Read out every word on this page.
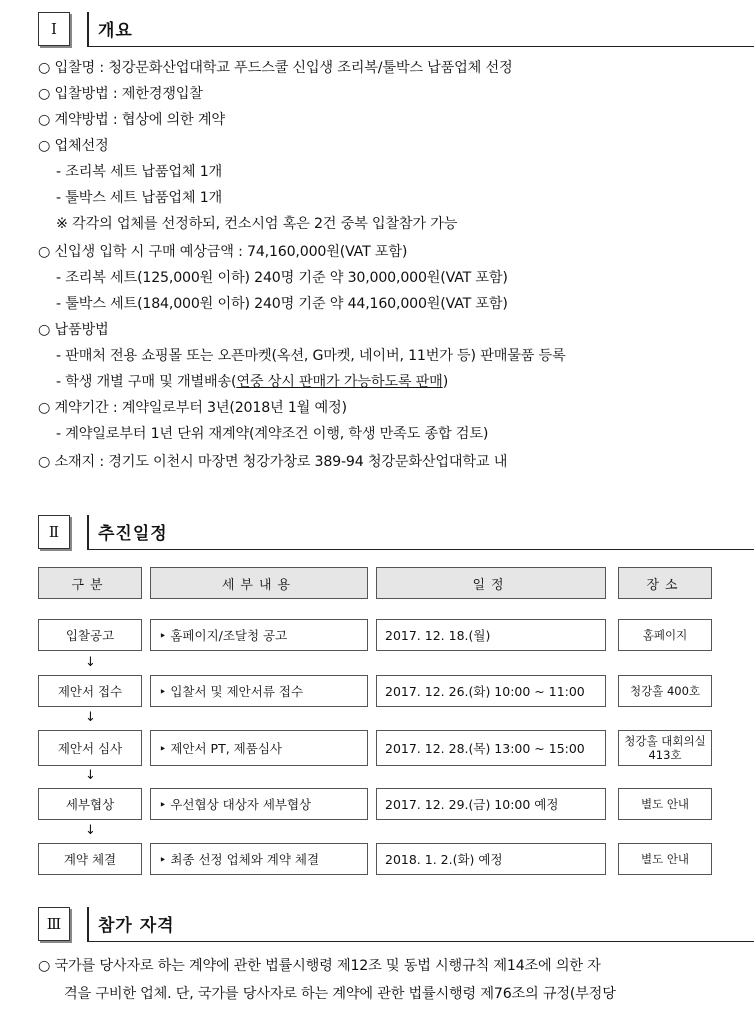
Ⅰ	개요
○ 입찰명 : 청강문화산업대학교 푸드스쿨 신입생 조리복/툴박스 납품업체 선정
○ 입찰방법 : 제한경쟁입찰
○ 계약방법 : 협상에 의한 계약
○ 업체선정
- 조리복 세트 납품업체 1개
- 툴박스 세트 납품업체 1개
※ 각각의 업체를 선정하되, 컨소시엄 혹은 2건 중복 입찰참가 가능
○ 신입생 입학 시 구매 예상금액 : 74,160,000원(VAT 포함)
- 조리복 세트(125,000원 이하) 240명 기준 약 30,000,000원(VAT 포함)
- 툴박스 세트(184,000원 이하) 240명 기준 약 44,160,000원(VAT 포함)
○ 납품방법
- 판매처 전용 쇼핑몰 또는 오픈마켓(옥션, G마켓, 네이버, 11번가 등) 판매물품 등록
- 학생 개별 구매 및 개별배송(연중 상시 판매가 가능하도록 판매)
○ 계약기간 : 계약일로부터 3년(2018년 1월 예정)
- 계약일로부터 1년 단위 재계약(계약조건 이행, 학생 만족도 종합 검토)
○ 소재지 : 경기도 이천시 마장면 청강가창로 389-94 청강문화산업대학교 내
Ⅱ	추진일정
구분	세부내용	일정	장소
입찰공고	‣ 홈페이지/조달청 공고	2017. 12. 18.(월)	홈페이지
↓
제안서 접수	‣ 입찰서 및 제안서류 접수	2017. 12. 26.(화) 10:00 ~ 11:00	청강홀 400호
↓
제안서 심사	‣ 제안서 PT, 제품심사	2017. 12. 28.(목) 13:00 ~ 15:00	청강홀 대회의실 413호
↓
세부협상	‣ 우선협상 대상자 세부협상	2017. 12. 29.(금) 10:00 예정	별도 안내
↓
계약 체결	‣ 최종 선정 업체와 계약 체결	2018. 1. 2.(화) 예정	별도 안내
Ⅲ	참가 자격
○ 국가를 당사자로 하는 계약에 관한 법률시행령 제12조 및 동법 시행규칙 제14조에 의한 자
격을 구비한 업체. 단, 국가를 당사자로 하는 계약에 관한 법률시행령 제76조의 규정(부정당
